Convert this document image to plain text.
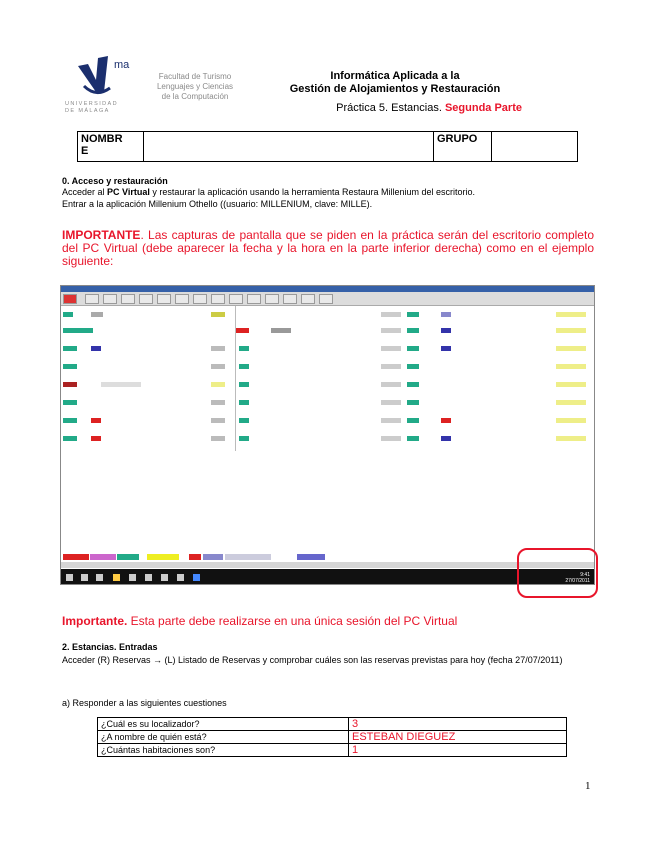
ma
UNIVERSIDAD
DE MÁLAGA
Facultad de Turismo
Lenguajes y Ciencias
de la Computación
Informática Aplicada a la
Gestión de Alojamientos y Restauración
Práctica 5. Estancias. Segunda Parte
NOMBR
E		GRUPO	
0. Acceso y restauración
Acceder al PC Virtual y restaurar la aplicación usando la herramienta Restaura Millenium del escritorio.
Entrar a la aplicación Millenium Othello ((usuario: MILLENIUM, clave: MILLE).
IMPORTANTE. Las capturas de pantalla que se piden en la práctica serán del escritorio completo del PC Virtual (debe aparecer la fecha y la hora en la parte inferior derecha) como en el ejemplo siguiente:
9:41
27/07/2011
Importante. Esta parte debe realizarse en una única sesión del PC Virtual
2. Estancias. Entradas
Acceder (R) Reservas → (L) Listado de Reservas y comprobar cuáles son las reservas previstas para hoy (fecha 27/07/2011)
a) Responder a las siguientes cuestiones
¿Cuál es su localizador?	3
¿A nombre de quién está?	ESTEBAN DIEGUEZ
¿Cuántas habitaciones son?	1
1
